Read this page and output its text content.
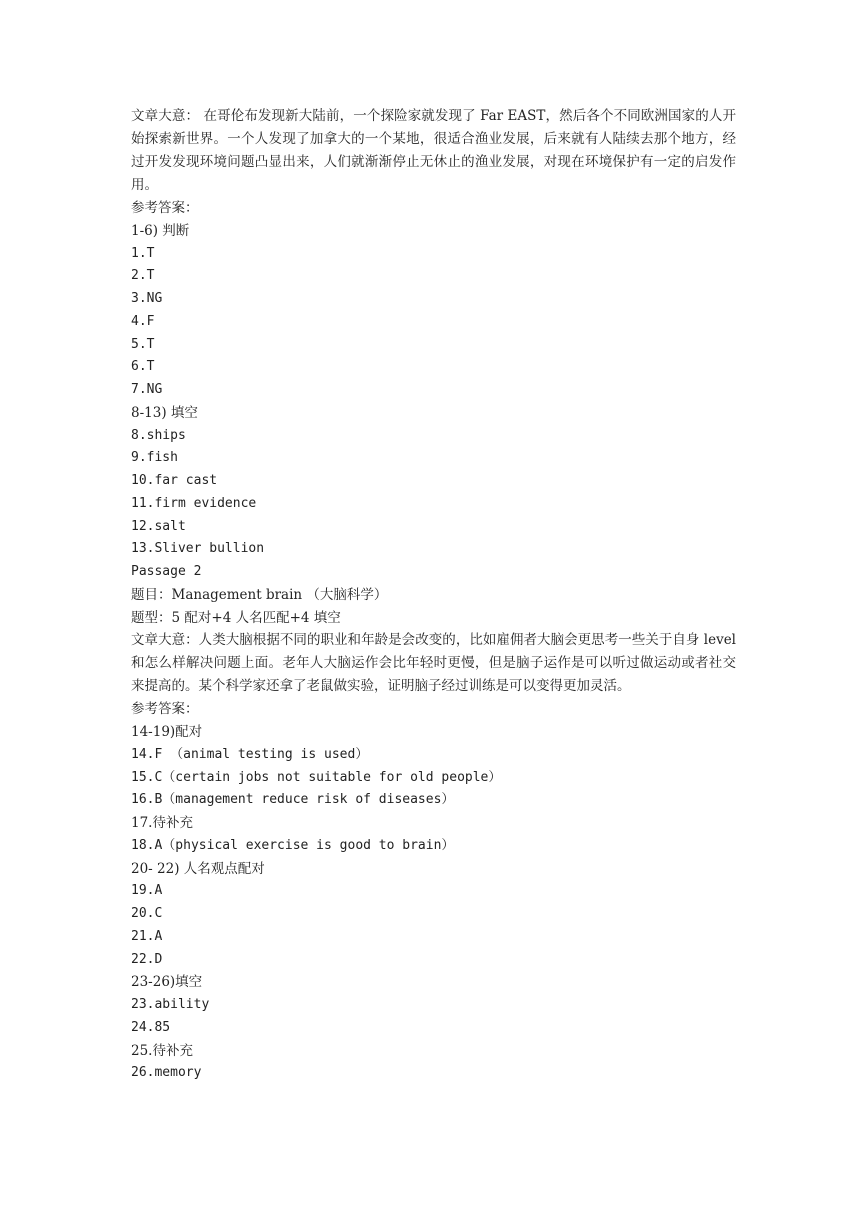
文章大意： 在哥伦布发现新大陆前，一个探险家就发现了 Far EAST，然后各个不同欧洲国家的人开始探索新世界。一个人发现了加拿大的一个某地，很适合渔业发展，后来就有人陆续去那个地方，经过开发发现环境问题凸显出来，人们就渐渐停止无休止的渔业发展，对现在环境保护有一定的启发作用。

参考答案：

1-6) 判断

1.T

2.T

3.NG

4.F

5.T

6.T

7.NG

8-13) 填空

8.ships

9.fish

10.far cast

11.firm evidence

12.salt

13.Sliver bullion

Passage 2

题目：Management brain （大脑科学）

题型：5 配对+4 人名匹配+4 填空

文章大意：人类大脑根据不同的职业和年龄是会改变的，比如雇佣者大脑会更思考一些关于自身 level 和怎么样解决问题上面。老年人大脑运作会比年轻时更慢，但是脑子运作是可以听过做运动或者社交来提高的。某个科学家还拿了老鼠做实验，证明脑子经过训练是可以变得更加灵活。

参考答案：

14-19)配对

14.F （animal testing is used）

15.C（certain jobs not suitable for old people）

16.B（management reduce risk of diseases）

17.待补充

18.A（physical exercise is good to brain）

20- 22) 人名观点配对

19.A

20.C

21.A

22.D

23-26)填空

23.ability

24.85

25.待补充

26.memory
